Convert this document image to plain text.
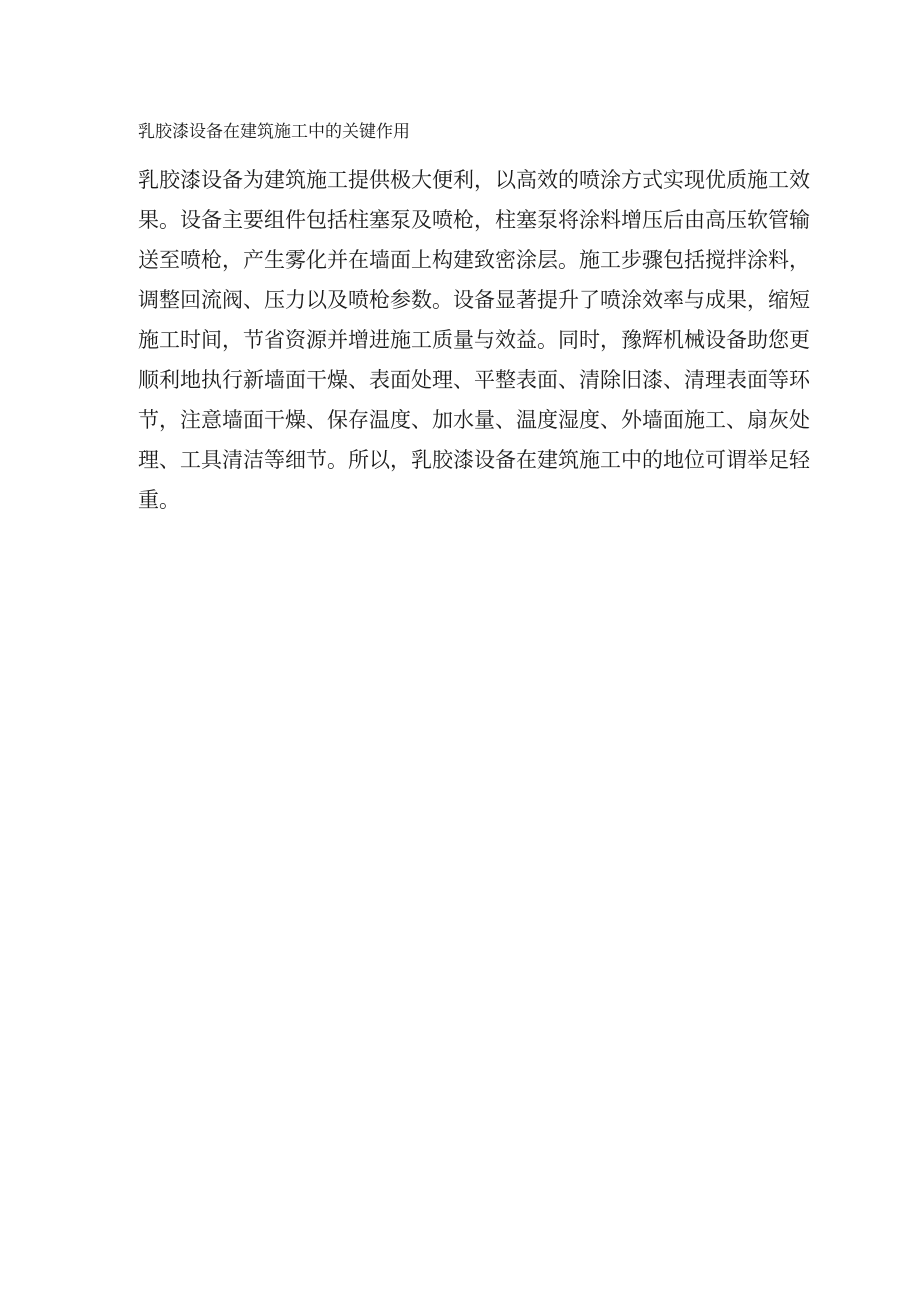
乳胶漆设备在建筑施工中的关键作用
乳胶漆设备为建筑施工提供极大便利，以高效的喷涂方式实现优质施工效
果。设备主要组件包括柱塞泵及喷枪，柱塞泵将涂料增压后由高压软管输
送至喷枪，产生雾化并在墙面上构建致密涂层。施工步骤包括搅拌涂料，
调整回流阀、压力以及喷枪参数。设备显著提升了喷涂效率与成果，缩短
施工时间，节省资源并增进施工质量与效益。同时，豫辉机械设备助您更
顺利地执行新墙面干燥、表面处理、平整表面、清除旧漆、清理表面等环
节，注意墙面干燥、保存温度、加水量、温度湿度、外墙面施工、扇灰处
理、工具清洁等细节。所以，乳胶漆设备在建筑施工中的地位可谓举足轻
重。
